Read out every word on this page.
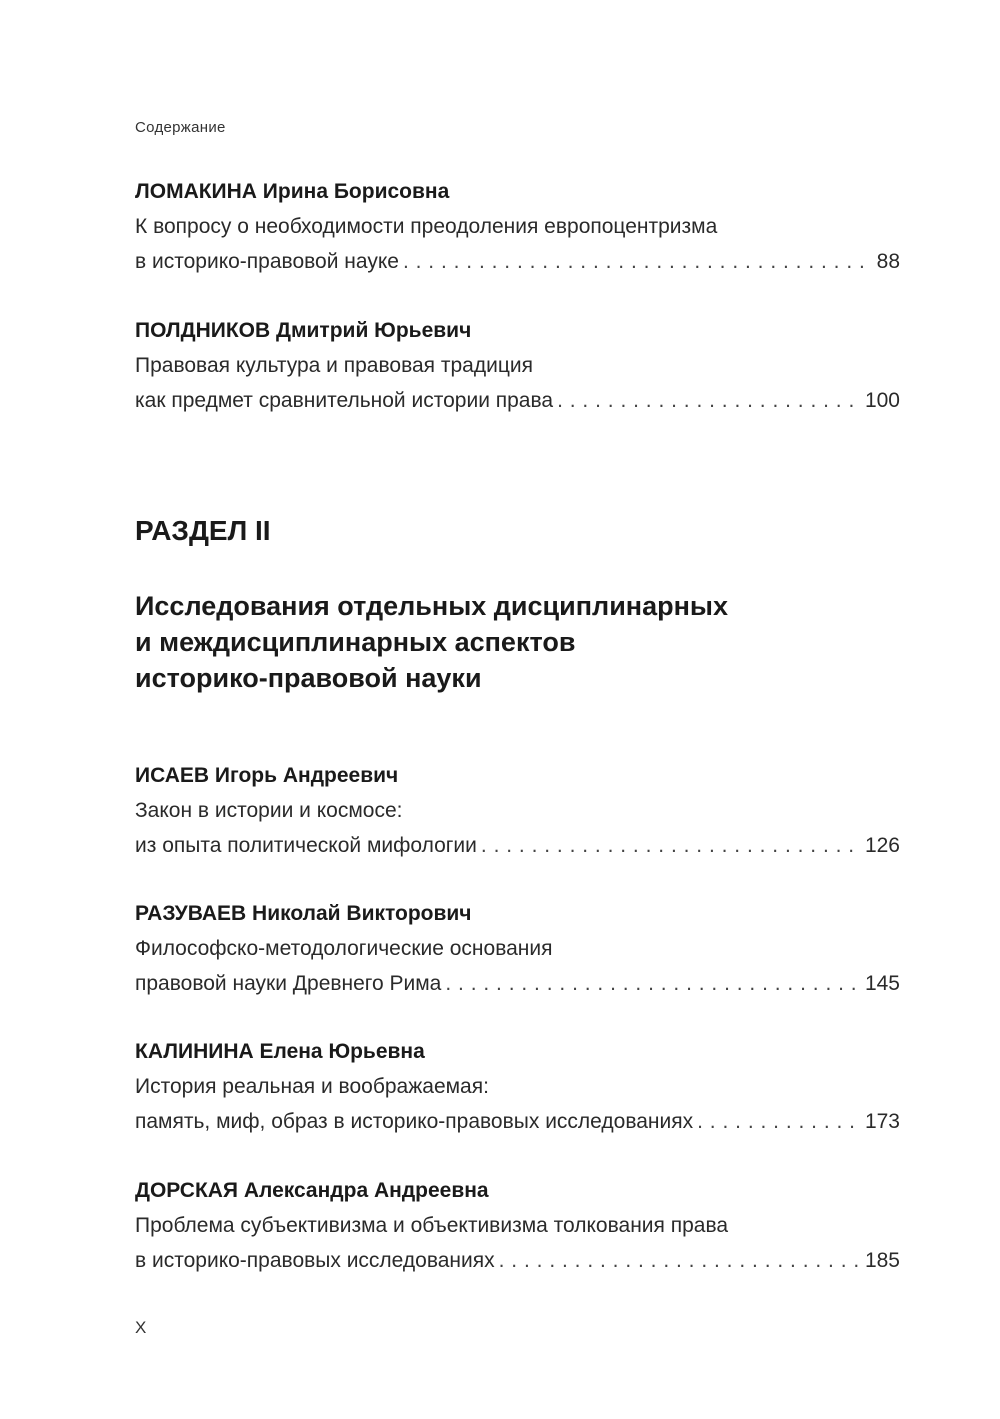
Содержание
ЛОМАКИНА Ирина Борисовна
К вопросу о необходимости преодоления европоцентризма
в историко-правовой науке . . .	88
ПОЛДНИКОВ Дмитрий Юрьевич
Правовая культура и правовая традиция
как предмет сравнительной истории права . . .	100
РАЗДЕЛ II
Исследования отдельных дисциплинарных
и междисциплинарных аспектов
историко-правовой науки
ИСАЕВ Игорь Андреевич
Закон в истории и космосе:
из опыта политической мифологии . . .	126
РАЗУВАЕВ Николай Викторович
Философско-методологические основания
правовой науки Древнего Рима . . .	145
КАЛИНИНА Елена Юрьевна
История реальная и воображаемая:
память, миф, образ в историко-правовых исследованиях . . .	173
ДОРСКАЯ Александра Андреевна
Проблема субъективизма и объективизма толкования права
в историко-правовых исследованиях . . .	185
X
